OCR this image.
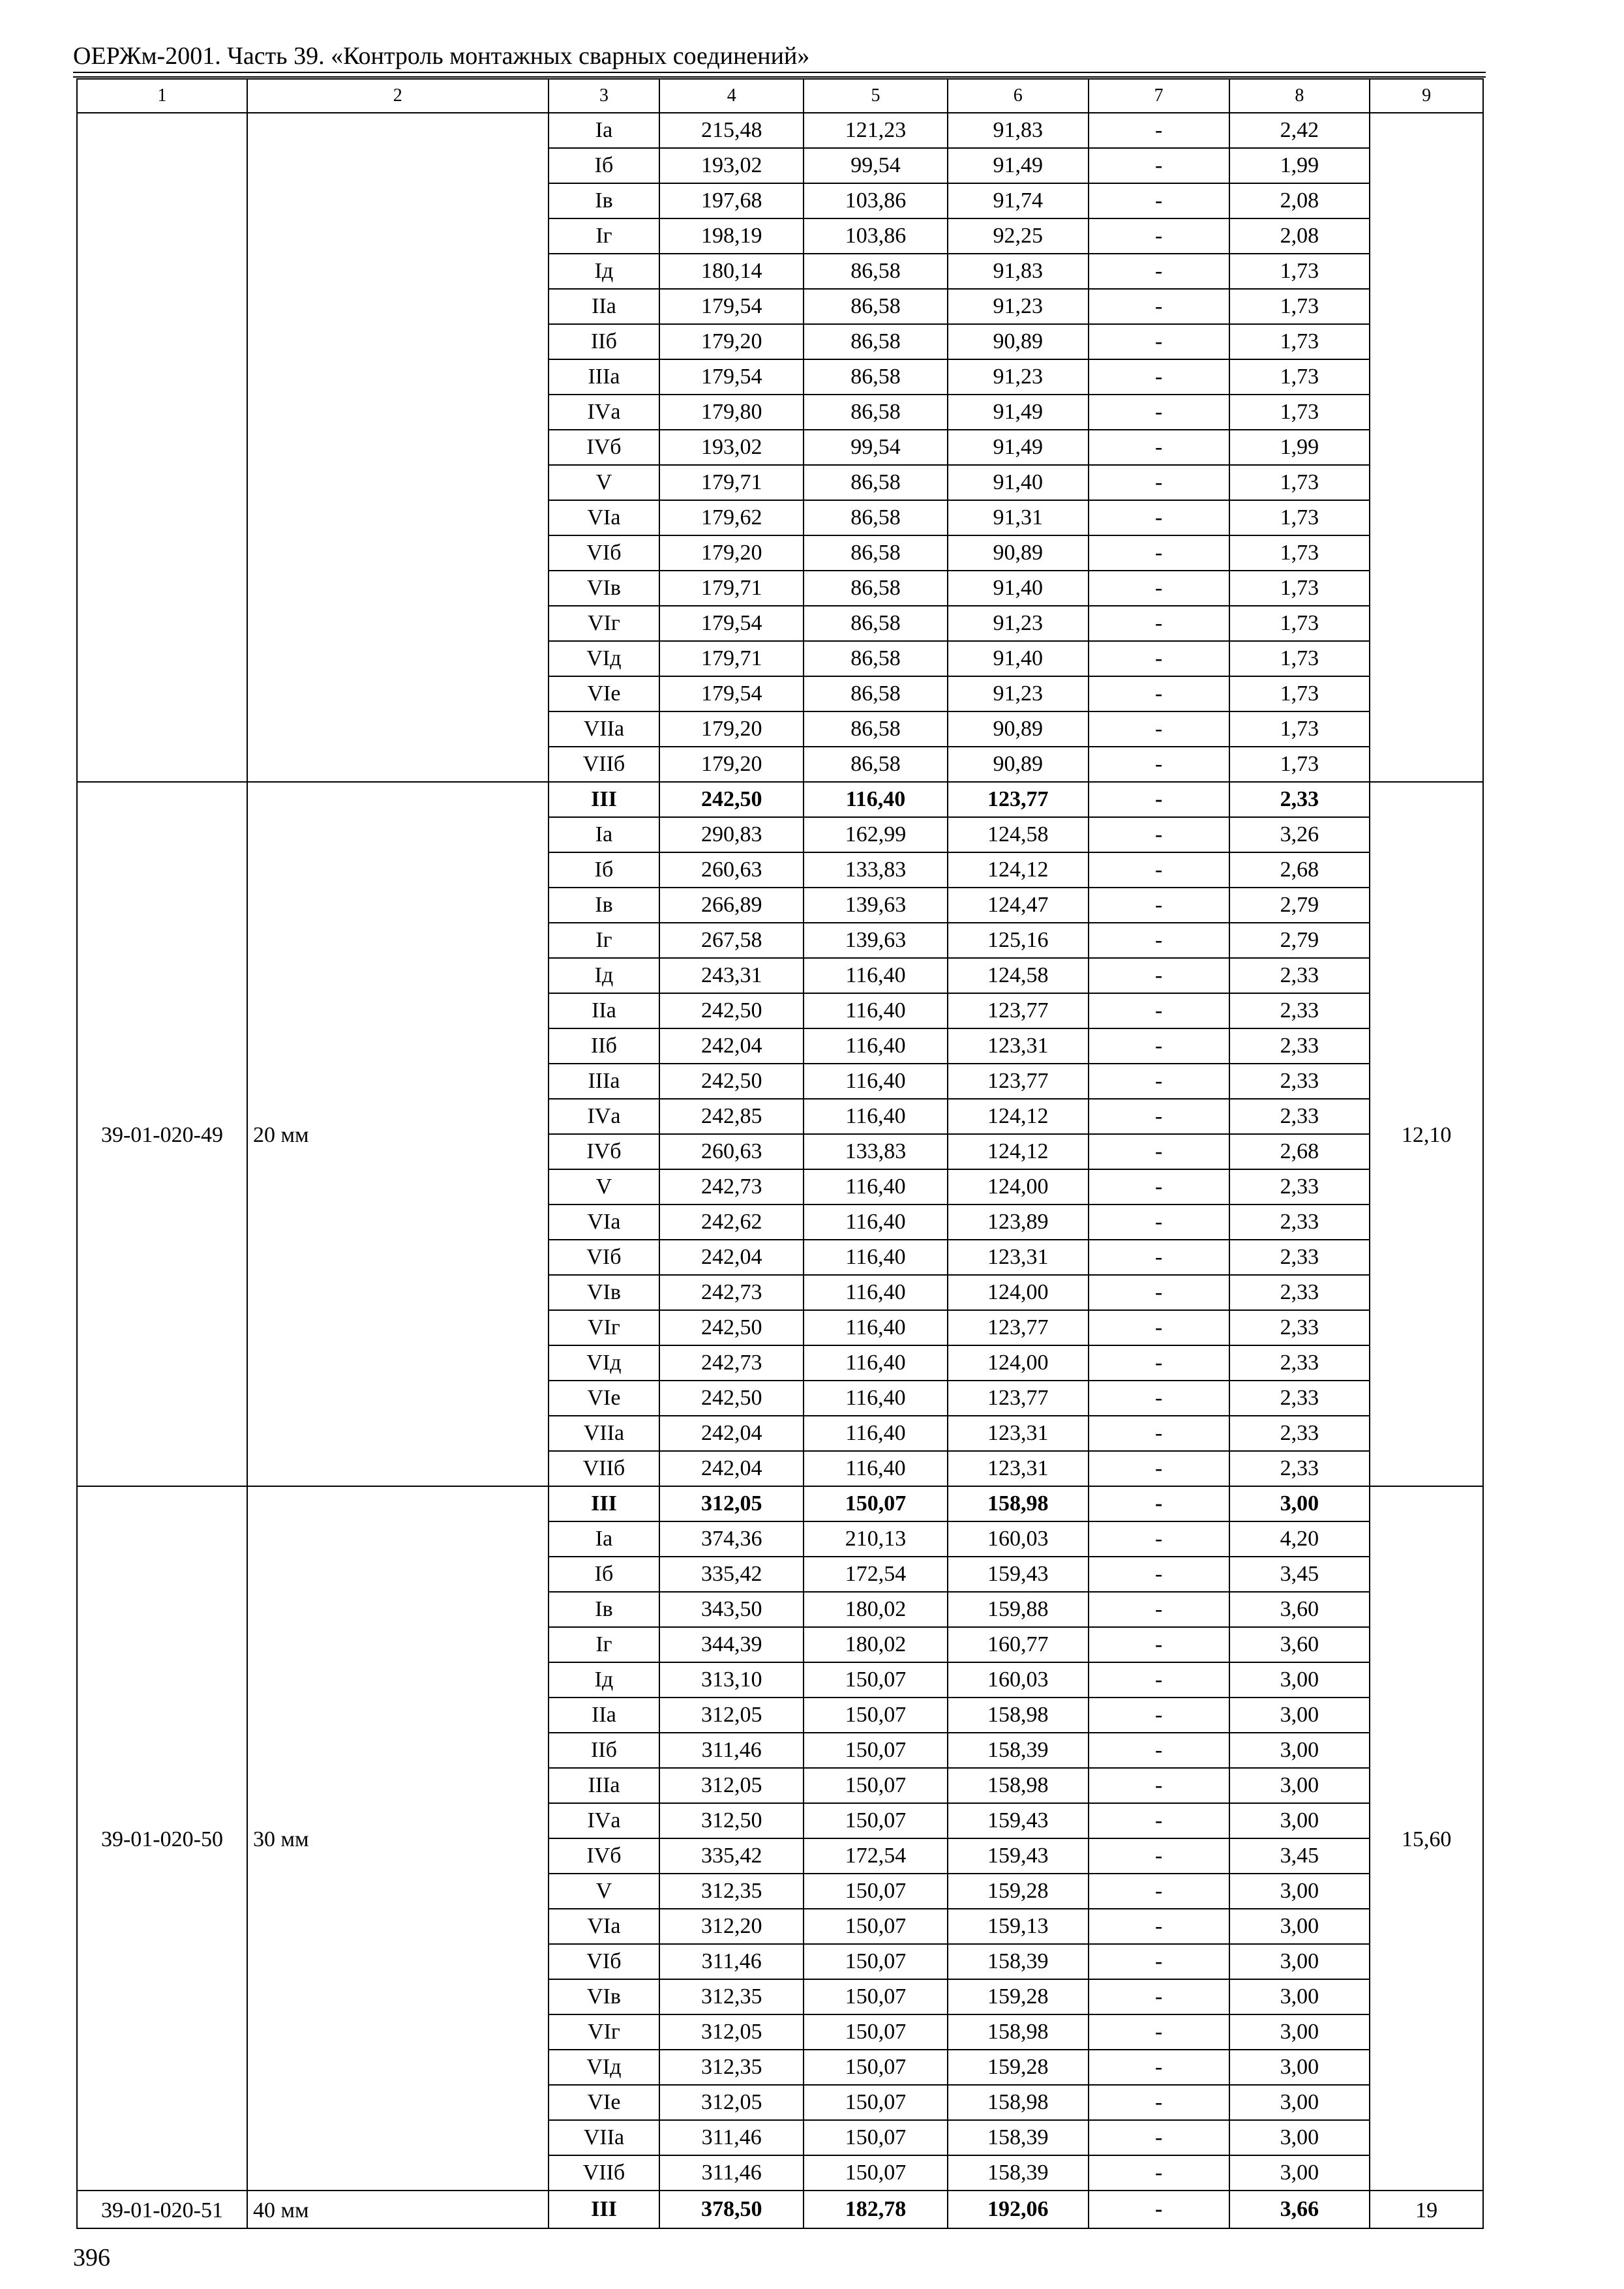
ОЕРЖм-2001. Часть 39. «Контроль монтажных сварных соединений»
1	2	3	4	5	6	7	8	9
		Iа	215,48	121,23	91,83	-	2,42	
		Iб	193,02	99,54	91,49	-	1,99	
		Iв	197,68	103,86	91,74	-	2,08	
		Iг	198,19	103,86	92,25	-	2,08	
		Iд	180,14	86,58	91,83	-	1,73	
		IIа	179,54	86,58	91,23	-	1,73	
		IIб	179,20	86,58	90,89	-	1,73	
		IIIа	179,54	86,58	91,23	-	1,73	
		IVа	179,80	86,58	91,49	-	1,73	
		IVб	193,02	99,54	91,49	-	1,99	
		V	179,71	86,58	91,40	-	1,73	
		VIа	179,62	86,58	91,31	-	1,73	
		VIб	179,20	86,58	90,89	-	1,73	
		VIв	179,71	86,58	91,40	-	1,73	
		VIг	179,54	86,58	91,23	-	1,73	
		VIд	179,71	86,58	91,40	-	1,73	
		VIе	179,54	86,58	91,23	-	1,73	
		VIIа	179,20	86,58	90,89	-	1,73	
		VIIб	179,20	86,58	90,89	-	1,73	
39-01-020-49	20 мм	III	242,50	116,40	123,77	-	2,33	12,10
		Iа	290,83	162,99	124,58	-	3,26	
		Iб	260,63	133,83	124,12	-	2,68	
		Iв	266,89	139,63	124,47	-	2,79	
		Iг	267,58	139,63	125,16	-	2,79	
		Iд	243,31	116,40	124,58	-	2,33	
		IIа	242,50	116,40	123,77	-	2,33	
		IIб	242,04	116,40	123,31	-	2,33	
		IIIа	242,50	116,40	123,77	-	2,33	
		IVа	242,85	116,40	124,12	-	2,33	
		IVб	260,63	133,83	124,12	-	2,68	
		V	242,73	116,40	124,00	-	2,33	
		VIа	242,62	116,40	123,89	-	2,33	
		VIб	242,04	116,40	123,31	-	2,33	
		VIв	242,73	116,40	124,00	-	2,33	
		VIг	242,50	116,40	123,77	-	2,33	
		VIд	242,73	116,40	124,00	-	2,33	
		VIе	242,50	116,40	123,77	-	2,33	
		VIIа	242,04	116,40	123,31	-	2,33	
		VIIб	242,04	116,40	123,31	-	2,33	
39-01-020-50	30 мм	III	312,05	150,07	158,98	-	3,00	15,60
		Iа	374,36	210,13	160,03	-	4,20	
		Iб	335,42	172,54	159,43	-	3,45	
		Iв	343,50	180,02	159,88	-	3,60	
		Iг	344,39	180,02	160,77	-	3,60	
		Iд	313,10	150,07	160,03	-	3,00	
		IIа	312,05	150,07	158,98	-	3,00	
		IIб	311,46	150,07	158,39	-	3,00	
		IIIа	312,05	150,07	158,98	-	3,00	
		IVа	312,50	150,07	159,43	-	3,00	
		IVб	335,42	172,54	159,43	-	3,45	
		V	312,35	150,07	159,28	-	3,00	
		VIа	312,20	150,07	159,13	-	3,00	
		VIб	311,46	150,07	158,39	-	3,00	
		VIв	312,35	150,07	159,28	-	3,00	
		VIг	312,05	150,07	158,98	-	3,00	
		VIд	312,35	150,07	159,28	-	3,00	
		VIе	312,05	150,07	158,98	-	3,00	
		VIIа	311,46	150,07	158,39	-	3,00	
		VIIб	311,46	150,07	158,39	-	3,00	
39-01-020-51	40 мм	III	378,50	182,78	192,06	-	3,66	19
396
